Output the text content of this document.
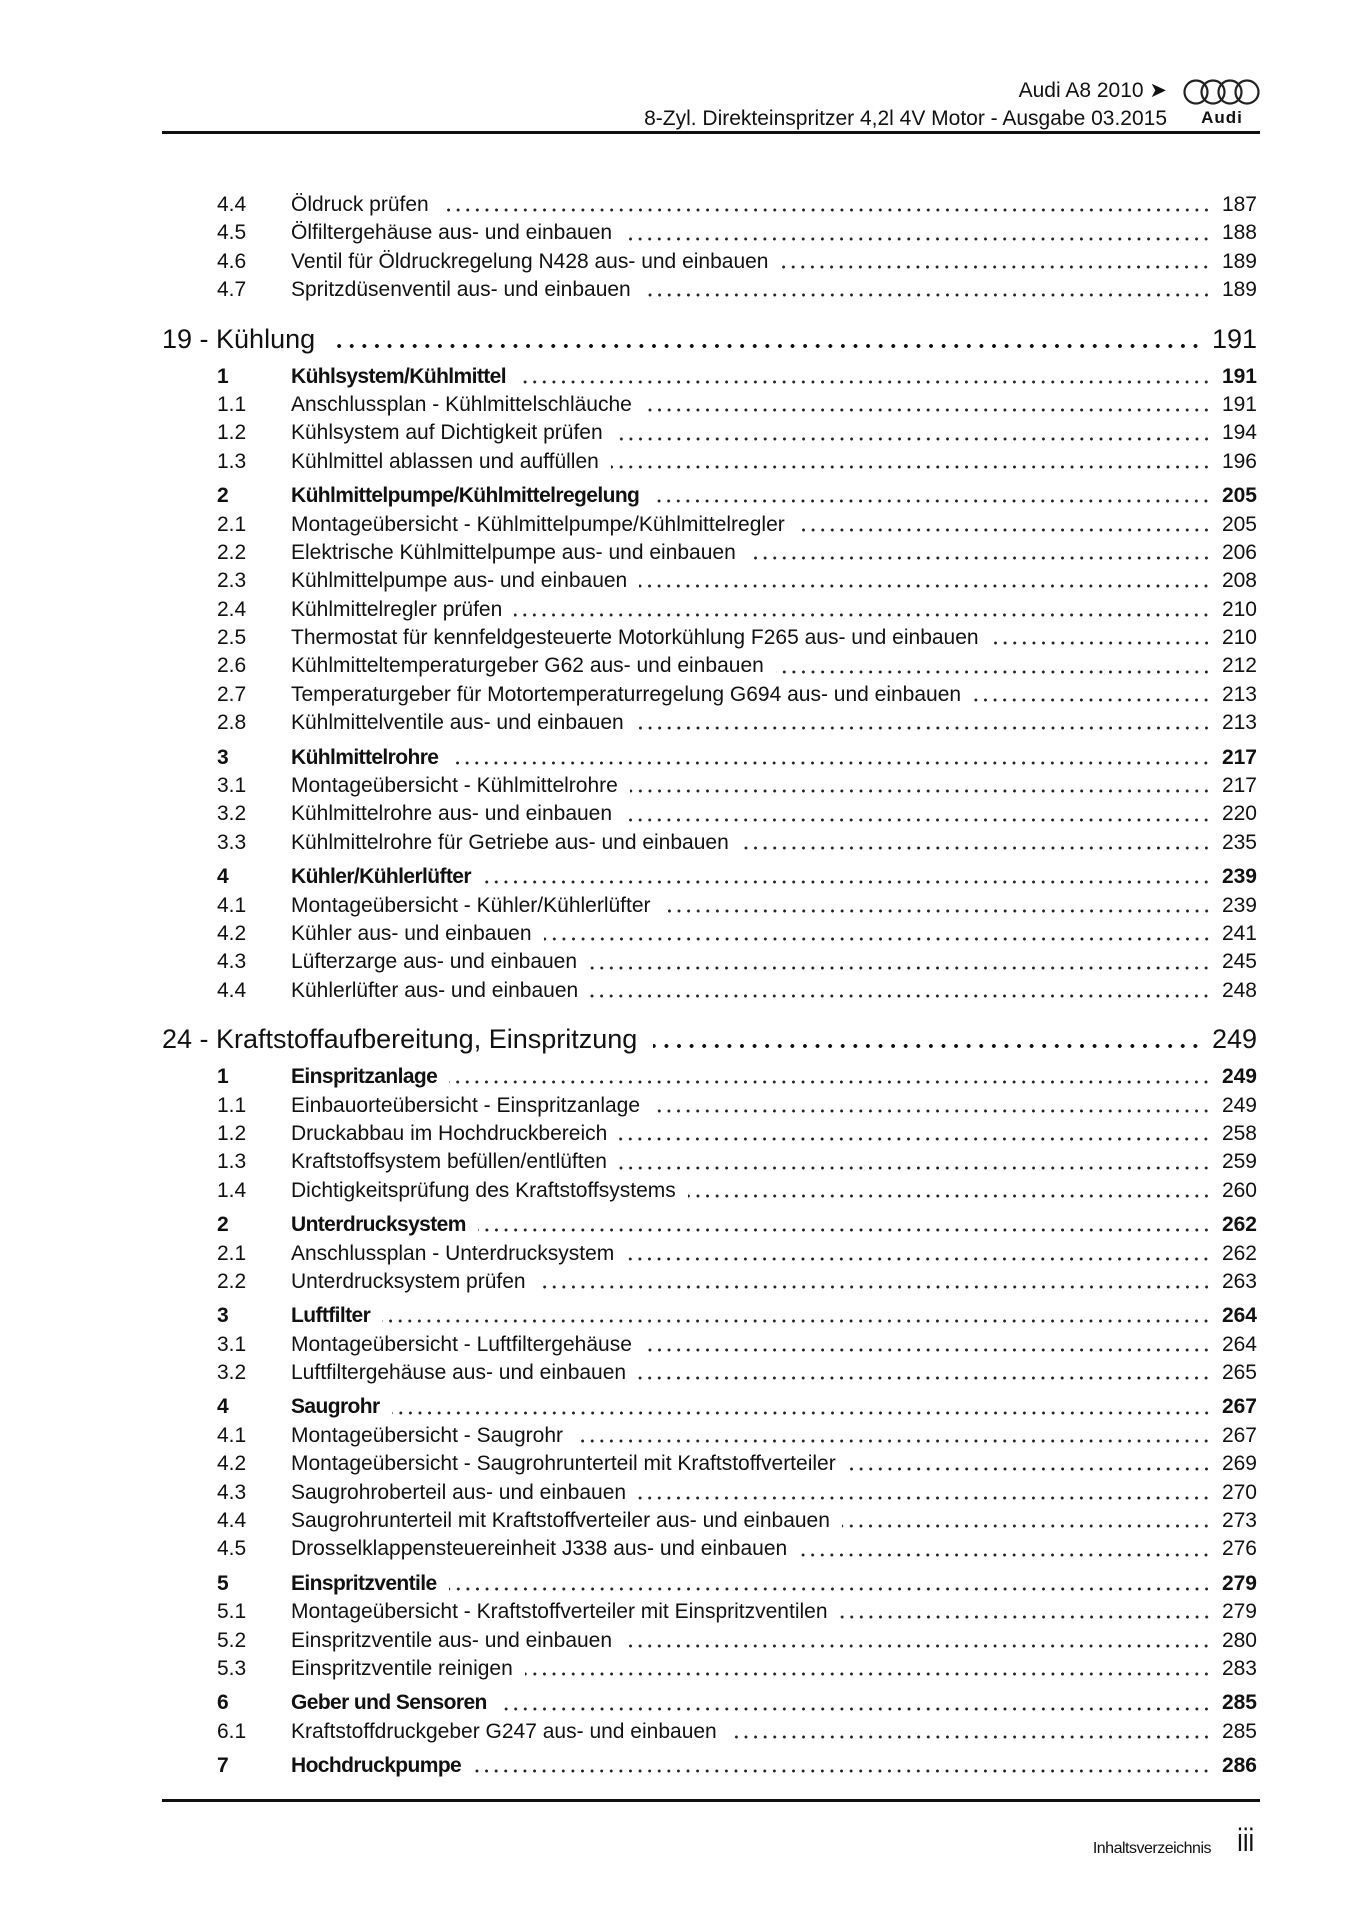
Audi A8 2010 ➤
8-Zyl. Direkteinspritzer 4,2l 4V Motor - Ausgabe 03.2015	Audi
4.4	Öldruck prüfen	187
4.5	Ölfiltergehäuse aus- und einbauen	188
4.6	Ventil für Öldruckregelung N428 aus- und einbauen	189
4.7	Spritzdüsenventil aus- und einbauen	189
19 - Kühlung	191
1	Kühlsystem/Kühlmittel	191
1.1	Anschlussplan - Kühlmittelschläuche	191
1.2	Kühlsystem auf Dichtigkeit prüfen	194
1.3	Kühlmittel ablassen und auffüllen	196
2	Kühlmittelpumpe/Kühlmittelregelung	205
2.1	Montageübersicht - Kühlmittelpumpe/Kühlmittelregler	205
2.2	Elektrische Kühlmittelpumpe aus- und einbauen	206
2.3	Kühlmittelpumpe aus- und einbauen	208
2.4	Kühlmittelregler prüfen	210
2.5	Thermostat für kennfeldgesteuerte Motorkühlung F265 aus- und einbauen	210
2.6	Kühlmitteltemperaturgeber G62 aus- und einbauen	212
2.7	Temperaturgeber für Motortemperaturregelung G694 aus- und einbauen	213
2.8	Kühlmittelventile aus- und einbauen	213
3	Kühlmittelrohre	217
3.1	Montageübersicht - Kühlmittelrohre	217
3.2	Kühlmittelrohre aus- und einbauen	220
3.3	Kühlmittelrohre für Getriebe aus- und einbauen	235
4	Kühler/Kühlerlüfter	239
4.1	Montageübersicht - Kühler/Kühlerlüfter	239
4.2	Kühler aus- und einbauen	241
4.3	Lüfterzarge aus- und einbauen	245
4.4	Kühlerlüfter aus- und einbauen	248
24 - Kraftstoffaufbereitung, Einspritzung	249
1	Einspritzanlage	249
1.1	Einbauorteübersicht - Einspritzanlage	249
1.2	Druckabbau im Hochdruckbereich	258
1.3	Kraftstoffsystem befüllen/entlüften	259
1.4	Dichtigkeitsprüfung des Kraftstoffsystems	260
2	Unterdrucksystem	262
2.1	Anschlussplan - Unterdrucksystem	262
2.2	Unterdrucksystem prüfen	263
3	Luftfilter	264
3.1	Montageübersicht - Luftfiltergehäuse	264
3.2	Luftfiltergehäuse aus- und einbauen	265
4	Saugrohr	267
4.1	Montageübersicht - Saugrohr	267
4.2	Montageübersicht - Saugrohrunterteil mit Kraftstoffverteiler	269
4.3	Saugrohroberteil aus- und einbauen	270
4.4	Saugrohrunterteil mit Kraftstoffverteiler aus- und einbauen	273
4.5	Drosselklappensteuereinheit J338 aus- und einbauen	276
5	Einspritzventile	279
5.1	Montageübersicht - Kraftstoffverteiler mit Einspritzventilen	279
5.2	Einspritzventile aus- und einbauen	280
5.3	Einspritzventile reinigen	283
6	Geber und Sensoren	285
6.1	Kraftstoffdruckgeber G247 aus- und einbauen	285
7	Hochdruckpumpe	286
Inhaltsverzeichnis iii
